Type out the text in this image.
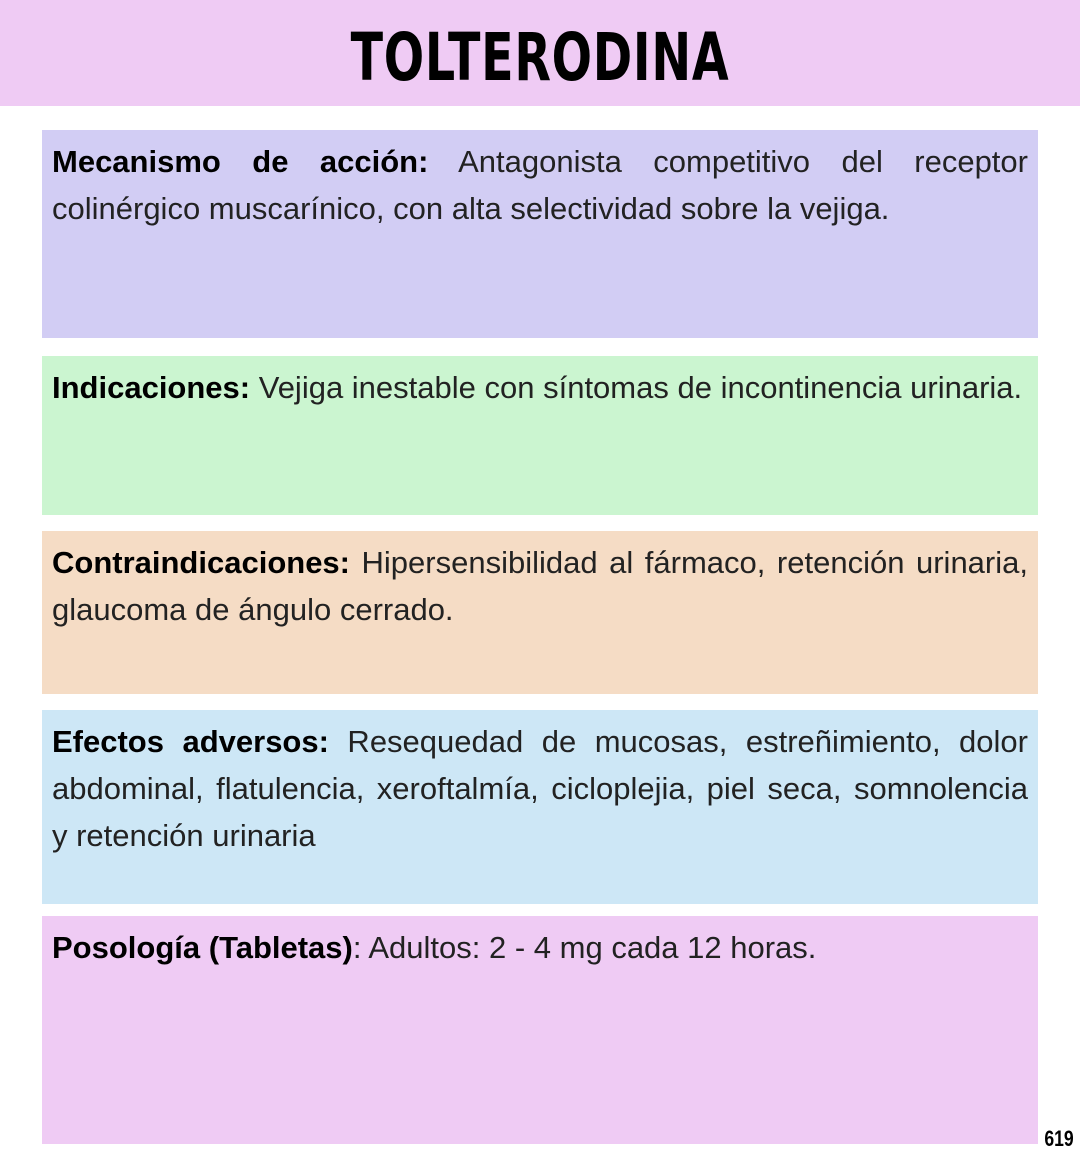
TOLTERODINA
Mecanismo de acción: Antagonista competitivo del receptor colinérgico muscarínico, con alta selectividad sobre la vejiga.
Indicaciones: Vejiga inestable con síntomas de incontinencia urinaria.
Contraindicaciones: Hipersensibilidad al fármaco, retención urinaria, glaucoma de ángulo cerrado.
Efectos adversos: Resequedad de mucosas, estreñimiento, dolor abdominal, flatulencia, xeroftalmía, cicloplejia, piel seca, somnolencia y retención urinaria
Posología (Tabletas): Adultos: 2 - 4 mg cada 12 horas.
619
